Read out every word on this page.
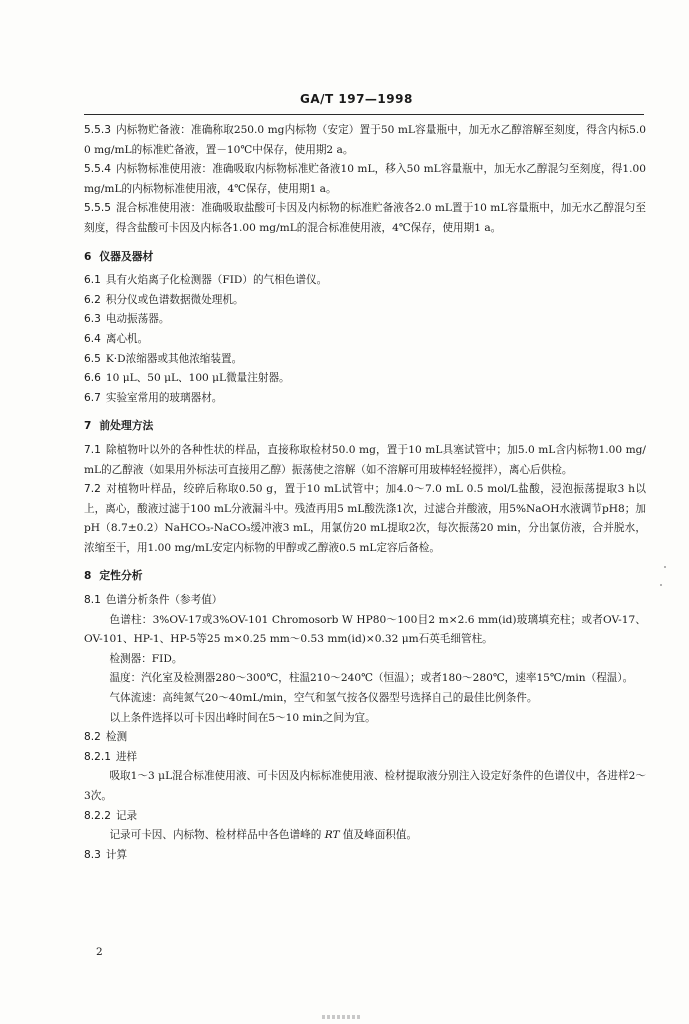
GA/T 197—1998

5.5.3 内标物贮备液：准确称取250.0 mg内标物（安定）置于50 mL容量瓶中，加无水乙醇溶解至刻度，得含内标5.00 mg/mL的标准贮备液，置－10℃中保存，使用期2 a。

5.5.4 内标物标准使用液：准确吸取内标物标准贮备液10 mL，移入50 mL容量瓶中，加无水乙醇混匀至刻度，得1.00 mg/mL的内标物标准使用液，4℃保存，使用期1 a。

5.5.5 混合标准使用液：准确吸取盐酸可卡因及内标物的标准贮备液各2.0 mL置于10 mL容量瓶中，加无水乙醇混匀至刻度，得含盐酸可卡因及内标各1.00 mg/mL的混合标准使用液，4℃保存，使用期1 a。

6 仪器及器材

6.1 具有火焰离子化检测器（FID）的气相色谱仪。

6.2 积分仪或色谱数据微处理机。

6.3 电动振荡器。

6.4 离心机。

6.5 K·D浓缩器或其他浓缩装置。

6.6 10 μL、50 μL、100 μL微量注射器。

6.7 实验室常用的玻璃器材。

7 前处理方法

7.1 除植物叶以外的各种性状的样品，直接称取检材50.0 mg，置于10 mL具塞试管中；加5.0 mL含内标物1.00 mg/mL的乙醇液（如果用外标法可直接用乙醇）振荡使之溶解（如不溶解可用玻棒轻轻搅拌），离心后供检。

7.2 对植物叶样品，绞碎后称取0.50 g，置于10 mL试管中；加4.0～7.0 mL 0.5 mol/L盐酸，浸泡振荡提取3 h以上，离心，酸液过滤于100 mL分液漏斗中。残渣再用5 mL酸洗涤1次，过滤合并酸液，用5%NaOH水液调节pH8；加pH（8.7±0.2）NaHCO₃-NaCO₃缓冲液3 mL，用氯仿20 mL提取2次，每次振荡20 min，分出氯仿液，合并脱水，浓缩至干，用1.00 mg/mL安定内标物的甲醇或乙醇液0.5 mL定容后备检。

8 定性分析

8.1 色谱分析条件（参考值）

色谱柱：3%OV-17或3%OV-101 Chromosorb W HP80～100目2 m×2.6 mm(id)玻璃填充柱；或者OV-17、OV-101、HP-1、HP-5等25 m×0.25 mm～0.53 mm(id)×0.32 μm石英毛细管柱。

检测器：FID。

温度：汽化室及检测器280～300℃，柱温210～240℃（恒温）；或者180～280℃，速率15℃/min（程温）。

气体流速：高纯氮气20～40mL/min，空气和氢气按各仪器型号选择自己的最佳比例条件。

以上条件选择以可卡因出峰时间在5～10 min之间为宜。

8.2 检测

8.2.1 进样

吸取1～3 μL混合标准使用液、可卡因及内标标准使用液、检材提取液分别注入设定好条件的色谱仪中，各进样2～3次。

8.2.2 记录

记录可卡因、内标物、检材样品中各色谱峰的 RT 值及峰面积值。

8.3 计算

2
